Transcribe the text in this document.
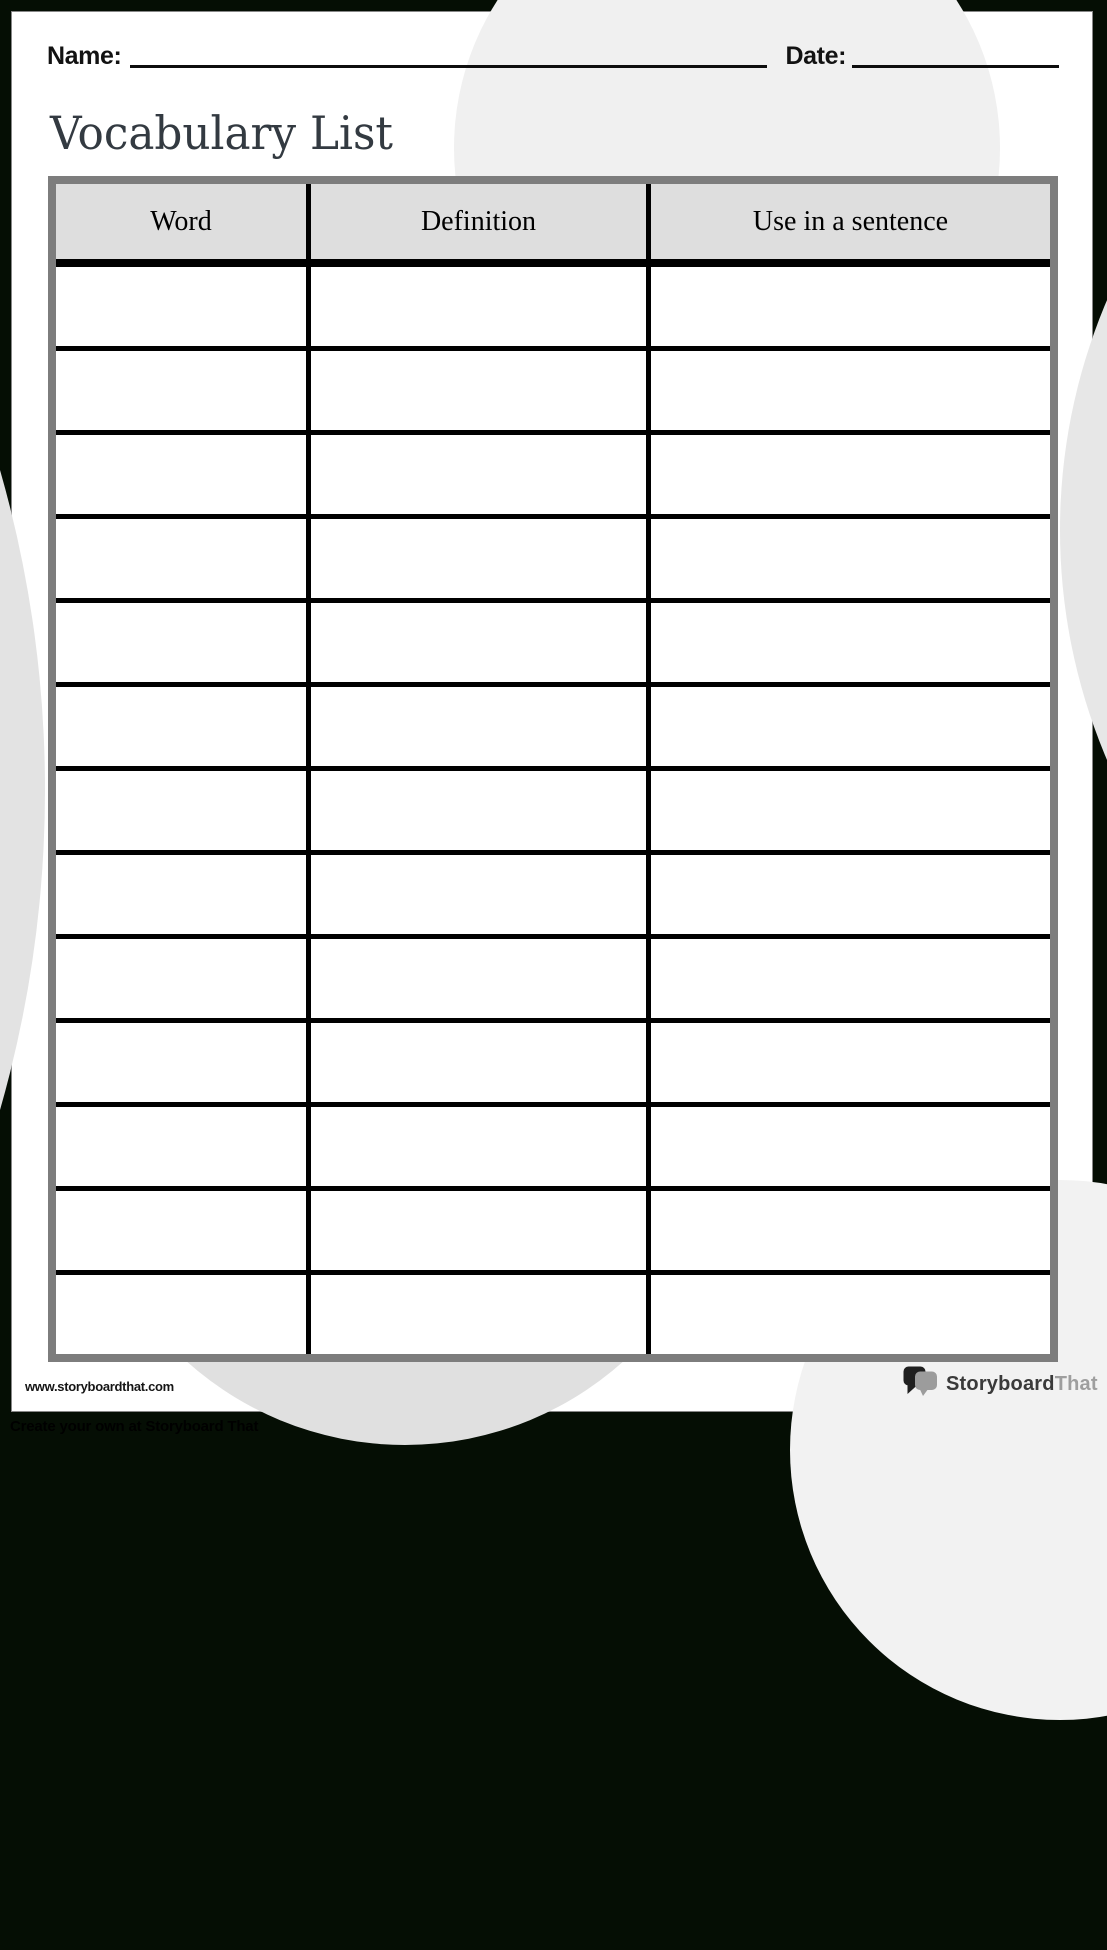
Name:	Date:
Vocabulary List
Word	Definition	Use in a sentence
www.storyboardthat.com	StoryboardThat
Create your own at Storyboard That
